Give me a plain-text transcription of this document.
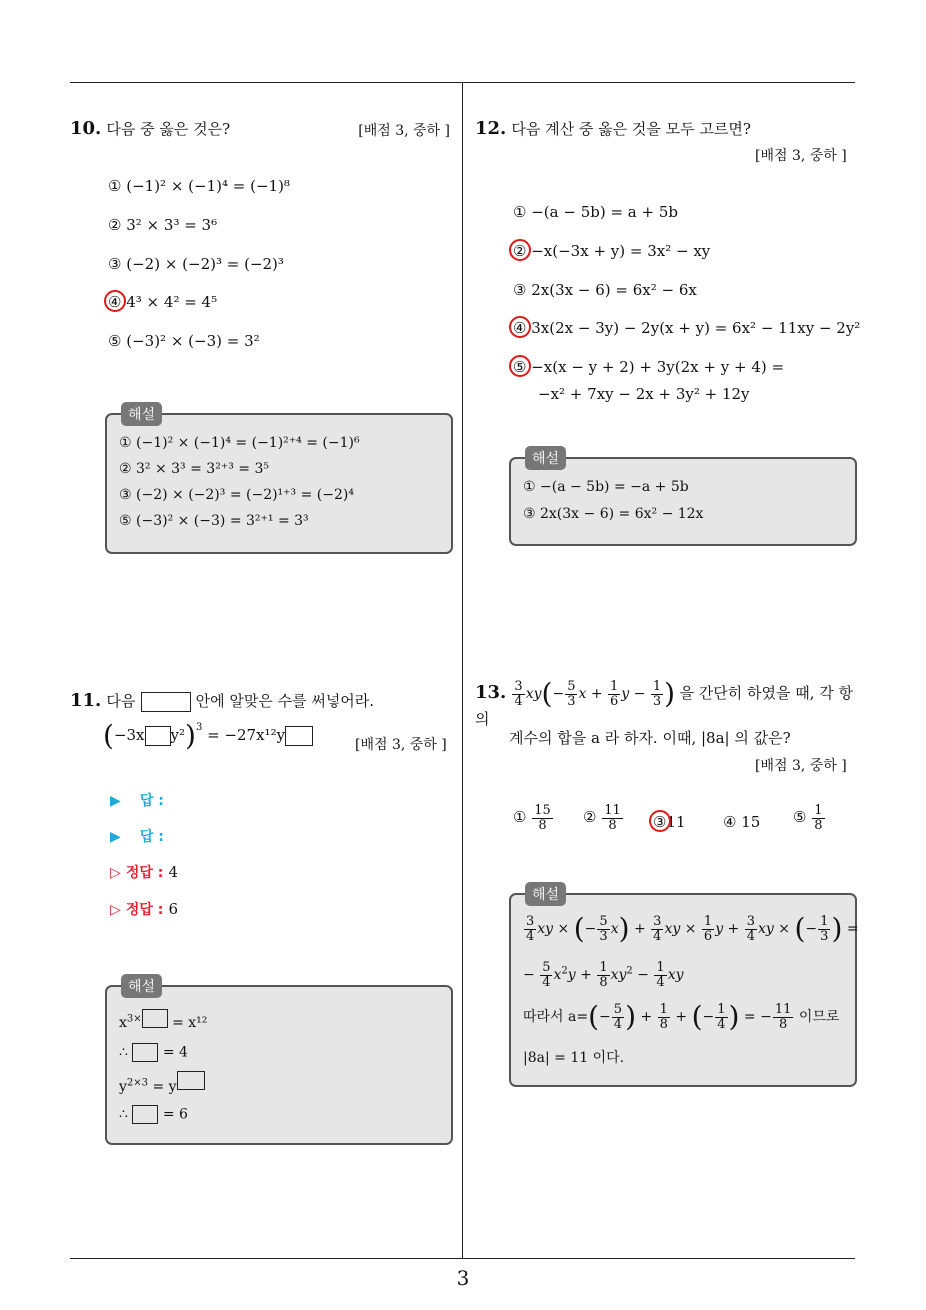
3
10. 다음 중 옳은 것은?	[배점 3, 중하 ]
① (−1)² × (−1)⁴ = (−1)⁸
② 3² × 3³ = 3⁶
③ (−2) × (−2)³ = (−2)³
④ 4³ × 4² = 4⁵
⑤ (−3)² × (−3) = 3²
해설
① (−1)² × (−1)⁴ = (−1)²⁺⁴ = (−1)⁶
② 3² × 3³ = 3²⁺³ = 3⁵
③ (−2) × (−2)³ = (−2)¹⁺³ = (−2)⁴
⑤ (−3)² × (−3) = 3²⁺¹ = 3³
11. 다음	안에 알맞은 수를 써넣어라.
(−3x y²)$^3$ = −27x¹²y
[배점 3, 중하 ]
▶ 답 :
▶ 답 :
▷ 정답 : 4
▷ 정답 : 6
해설
$x^{3\times} = x^{12}$
∴ = 4
$y^{2\times 3} = y$
∴ = 6
12. 다음 계산 중 옳은 것을 모두 고르면?
[배점 3, 중하 ]
① −(a − 5b) = a + 5b
② −x(−3x + y) = 3x² − xy
③ 2x(3x − 6) = 6x² − 6x
④ 3x(2x − 3y) − 2y(x + y) = 6x² − 11xy − 2y²
⑤ −x(x − y + 2) + 3y(2x + y + 4) =
−x² + 7xy − 2x + 3y² + 12y
해설
① −(a − 5b) = −a + 5b
③ 2x(3x − 6) = 6x² − 12x
13. $\frac{3}{4} xy(- \frac{5}{3}$ $x + \frac{1}{6}$ $y - \frac{1}{3}$ ) 을 간단히 하였을 때, 각 항의
계수의 합을 a 라 하자. 이때, |8a| 의 값은?
[배점 3, 중하 ]
① $\frac{15}{8}$ ② $\frac{11}{8}$ ③11 ④ 15 ⑤ $\frac{1}{8}$
해설
$\frac{3}{4}$ xy × (− $\frac{5}{3} x) + \frac{3}{4}$ xy × $\frac{1}{6}$ $y + \frac{3}{4}$ xy × (− $\frac{1}{3}$ ) =
− $\frac{5}{4} x^2y + \frac{1}{8} xy^2 - \frac{1}{4}$ xy
따라서 $a=(- \frac{5}{4}$ ) + $\frac{1}{8}$ + (− $\frac{1}{4}$ ) = − $\frac{11}{8}$ 이므로
|8a| = 11 이다.
